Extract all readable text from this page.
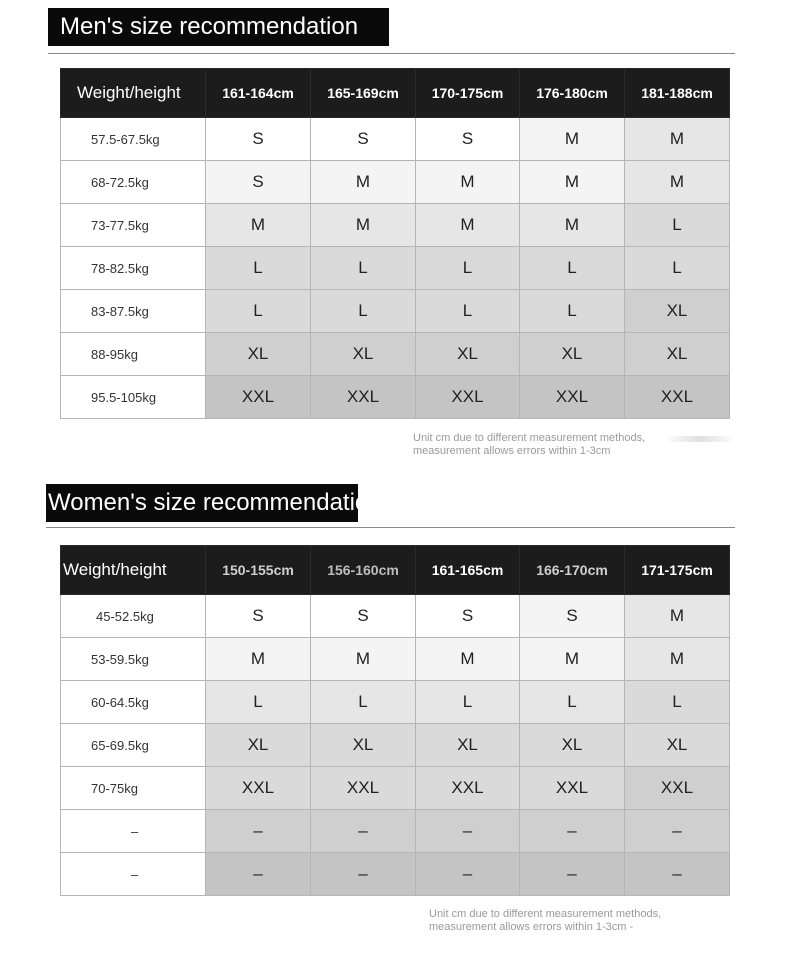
Men's size recommendation
Weight/height	161-164cm	165-169cm	170-175cm	176-180cm	181-188cm
57.5-67.5kg	S	S	S	M	M
68-72.5kg	S	M	M	M	M
73-77.5kg	M	M	M	M	L
78-82.5kg	L	L	L	L	L
83-87.5kg	L	L	L	L	XL
88-95kg	XL	XL	XL	XL	XL
95.5-105kg	XXL	XXL	XXL	XXL	XXL
Unit cm due to different measurement methods,
measurement allows errors within 1-3cm
Women's size recommendation
Weight/height	150-155cm	156-160cm	161-165cm	166-170cm	171-175cm
45-52.5kg	S	S	S	S	M
53-59.5kg	M	M	M	M	M
60-64.5kg	L	L	L	L	L
65-69.5kg	XL	XL	XL	XL	XL
70-75kg	XXL	XXL	XXL	XXL	XXL
–	–	–	–	–	–
–	–	–	–	–	–
Unit cm due to different measurement methods,
measurement allows errors within 1-3cm -
